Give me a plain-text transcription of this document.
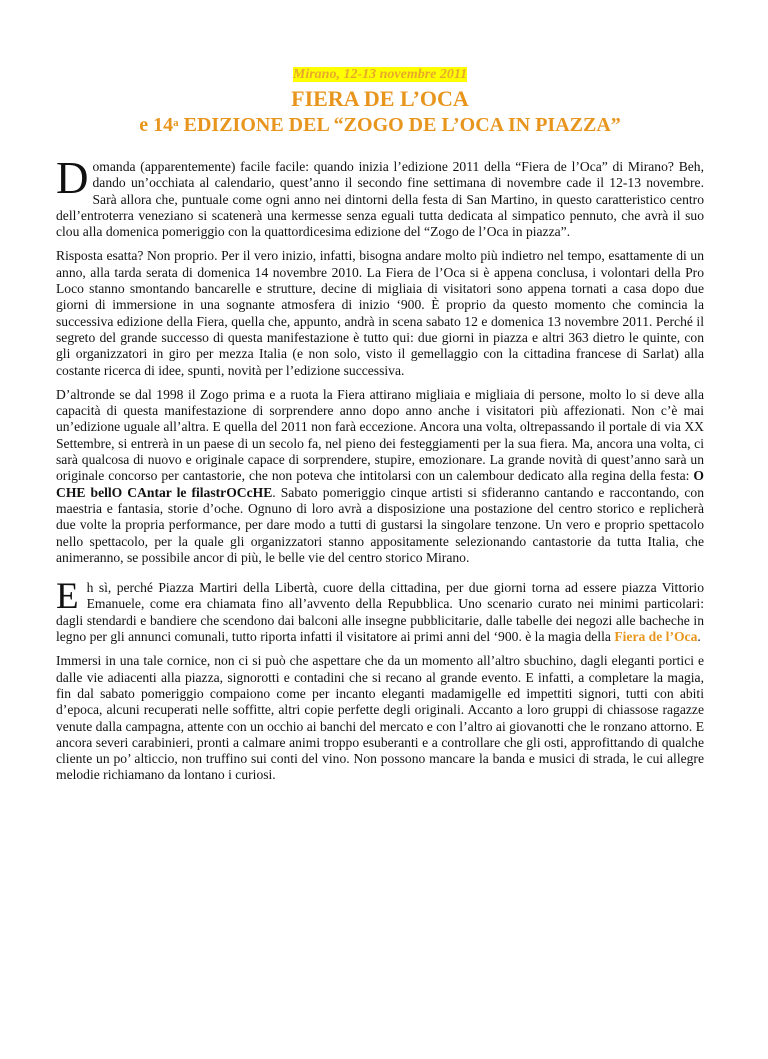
Mirano, 12-13 novembre 2011
FIERA DE L’OCA
e 14$^a$ EDIZIONE DEL “ZOGO DE L’OCA IN PIAZZA”

Domanda (apparentemente) facile facile: quando inizia l’edizione 2011 della “Fiera de l’Oca” di Mirano? Beh, dando un’occhiata al calendario, quest’anno il secondo fine settimana di novembre cade il 12-13 novembre. Sarà allora che, puntuale come ogni anno nei dintorni della festa di San Martino, in questo caratteristico centro dell’entroterra veneziano si scatenerà una kermesse senza eguali tutta dedicata al simpatico pennuto, che avrà il suo clou alla domenica pomeriggio con la quattordicesima edizione del “Zogo de l’Oca in piazza”.

Risposta esatta? Non proprio. Per il vero inizio, infatti, bisogna andare molto più indietro nel tempo, esattamente di un anno, alla tarda serata di domenica 14 novembre 2010. La Fiera de l’Oca si è appena conclusa, i volontari della Pro Loco stanno smontando bancarelle e strutture, decine di migliaia di visitatori sono appena tornati a casa dopo due giorni di immersione in una sognante atmosfera di inizio ‘900. È proprio da questo momento che comincia la successiva edizione della Fiera, quella che, appunto, andrà in scena sabato 12 e domenica 13 novembre 2011. Perché il segreto del grande successo di questa manifestazione è tutto qui: due giorni in piazza e altri 363 dietro le quinte, con gli organizzatori in giro per mezza Italia (e non solo, visto il gemellaggio con la cittadina francese di Sarlat) alla costante ricerca di idee, spunti, novità per l’edizione successiva.

D’altronde se dal 1998 il Zogo prima e a ruota la Fiera attirano migliaia e migliaia di persone, molto lo si deve alla capacità di questa manifestazione di sorprendere anno dopo anno anche i visitatori più affezionati. Non c’è mai un’edizione uguale all’altra. E quella del 2011 non farà eccezione. Ancora una volta, oltrepassando il portale di via XX Settembre, si entrerà in un paese di un secolo fa, nel pieno dei festeggiamenti per la sua fiera. Ma, ancora una volta, ci sarà qualcosa di nuovo e originale capace di sorprendere, stupire, emozionare. La grande novità di quest’anno sarà un originale concorso per cantastorie, che non poteva che intitolarsi con un calembour dedicato alla regina della festa: O CHE bellO CAntar le filastrOCcHE. Sabato pomeriggio cinque artisti si sfideranno cantando e raccontando, con maestria e fantasia, storie d’oche. Ognuno di loro avrà a disposizione una postazione del centro storico e replicherà due volte la propria performance, per dare modo a tutti di gustarsi la singolare tenzone. Un vero e proprio spettacolo nello spettacolo, per la quale gli organizzatori stanno appositamente selezionando cantastorie da tutta Italia, che animeranno, se possibile ancor di più, le belle vie del centro storico Mirano.

Eh sì, perché Piazza Martiri della Libertà, cuore della cittadina, per due giorni torna ad essere piazza Vittorio Emanuele, come era chiamata fino all’avvento della Repubblica. Uno scenario curato nei minimi particolari: dagli stendardi e bandiere che scendono dai balconi alle insegne pubblicitarie, dalle tabelle dei negozi alle bacheche in legno per gli annunci comunali, tutto riporta infatti il visitatore ai primi anni del ‘900. è la magia della Fiera de l’Oca.

Immersi in una tale cornice, non ci si può che aspettare che da un momento all’altro sbuchino, dagli eleganti portici e dalle vie adiacenti alla piazza, signorotti e contadini che si recano al grande evento. E infatti, a completare la magia, fin dal sabato pomeriggio compaiono come per incanto eleganti madamigelle ed impettiti signori, tutti con abiti d’epoca, alcuni recuperati nelle soffitte, altri copie perfette degli originali. Accanto a loro gruppi di chiassose ragazze venute dalla campagna, attente con un occhio ai banchi del mercato e con l’altro ai giovanotti che le ronzano attorno. E ancora severi carabinieri, pronti a calmare animi troppo esuberanti e a controllare che gli osti, approfittando di qualche cliente un po’ alticcio, non truffino sui conti del vino. Non possono mancare la banda e musici di strada, le cui allegre melodie richiamano da lontano i curiosi.
